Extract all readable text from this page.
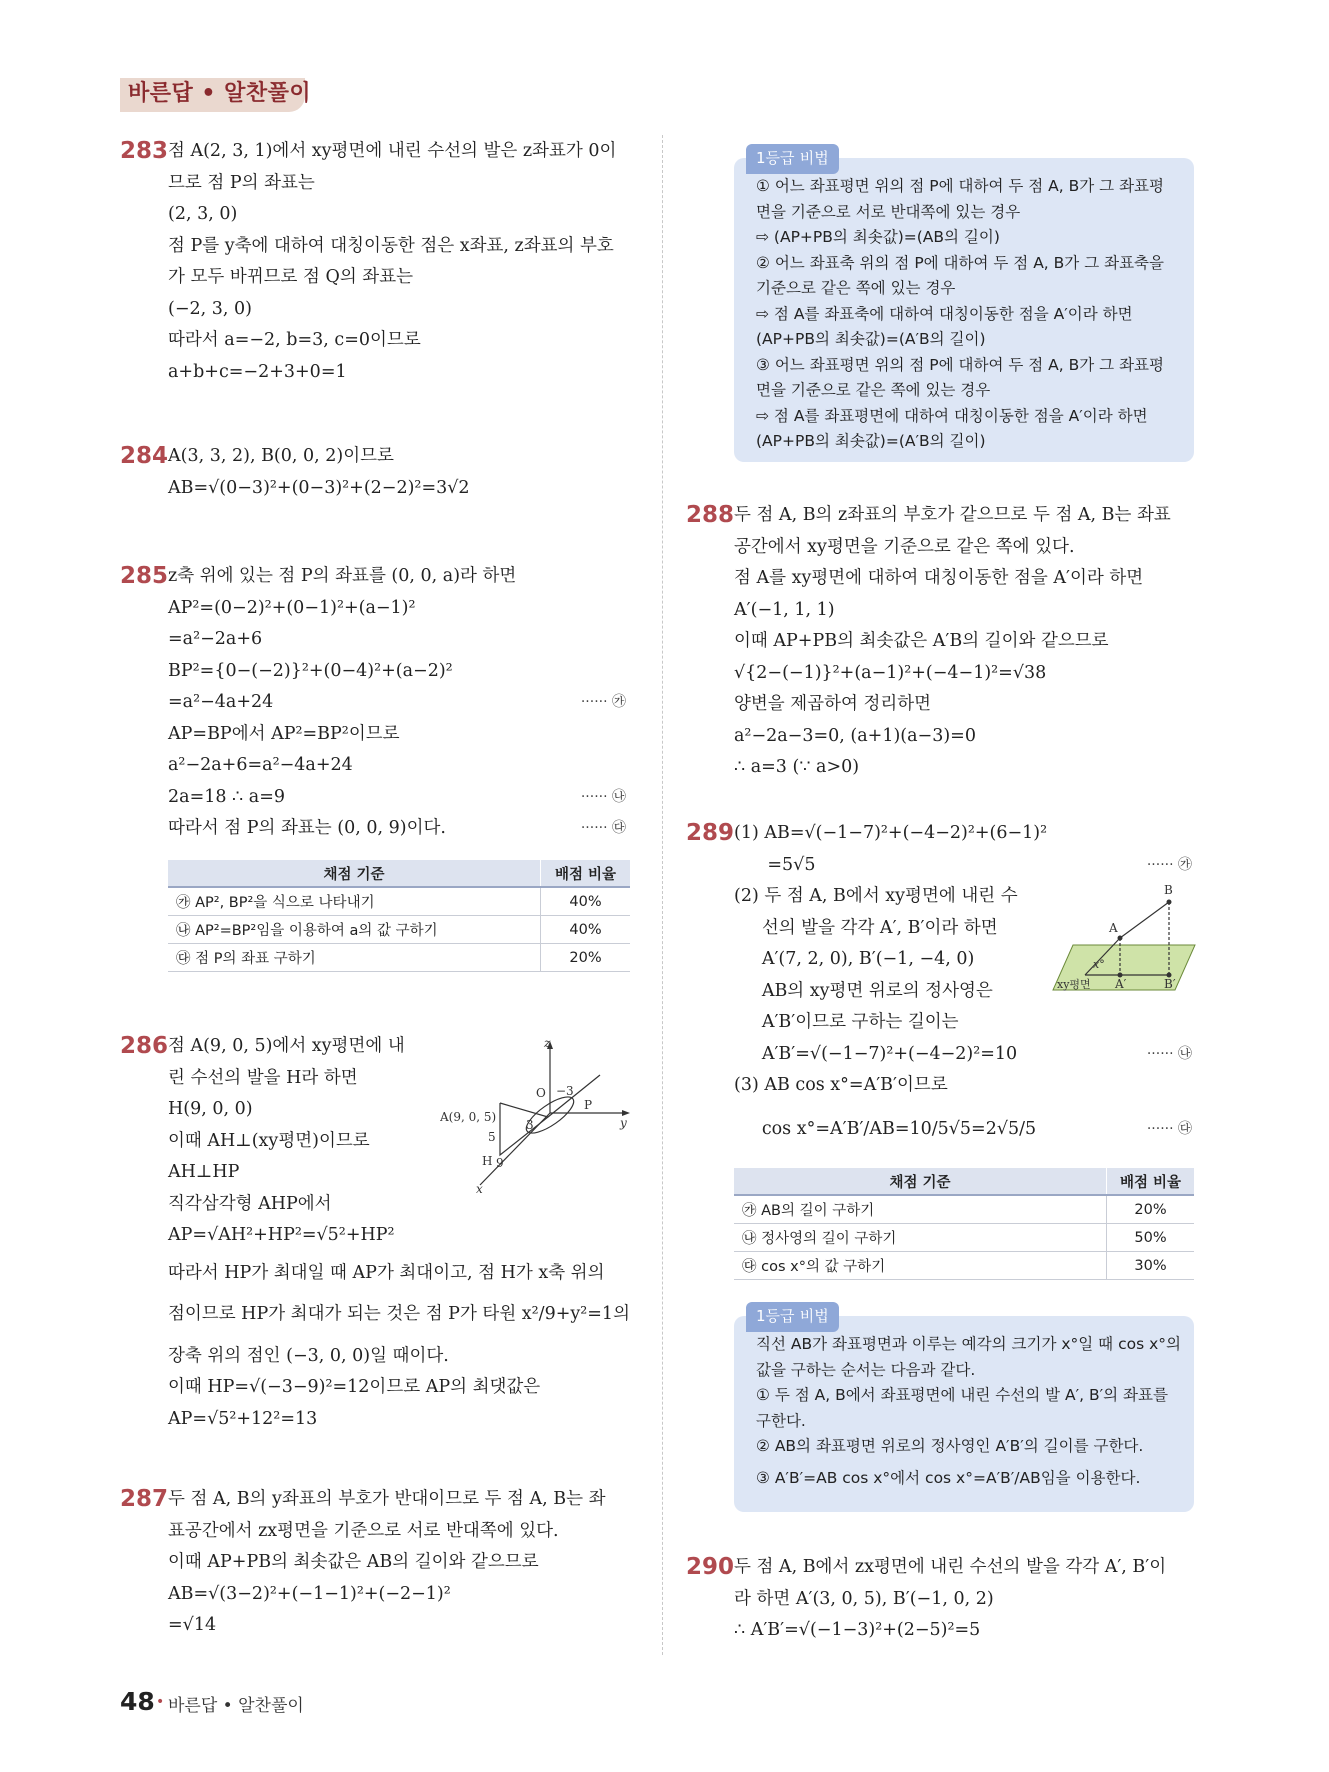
바른답 • 알찬풀이
283 점 A(2, 3, 1)에서 xy평면에 내린 수선의 발은 z좌표가 0이
므로 점 P의 좌표는
(2, 3, 0)
점 P를 y축에 대하여 대칭이동한 점은 x좌표, z좌표의 부호
가 모두 바뀌므로 점 Q의 좌표는
(−2, 3, 0)
따라서 a=−2, b=3, c=0이므로
a+b+c=−2+3+0=1
284 A(3, 3, 2), B(0, 0, 2)이므로
AB=√(0−3)²+(0−3)²+(2−2)²=3√2
285 z축 위에 있는 점 P의 좌표를 (0, 0, a)라 하면
AP²=(0−2)²+(0−1)²+(a−1)²
=a²−2a+6
BP²={0−(−2)}²+(0−4)²+(a−2)²
······ ㉮
=a²−4a+24
AP=BP에서 AP²=BP²이므로
a²−2a+6=a²−4a+24
······ ㉯
2a=18 ∴ a=9
······ ㉰
따라서 점 P의 좌표는 (0, 0, 9)이다.
채점 기준	배점 비율
㉮ AP², BP²을 식으로 나타내기	40%
㉯ AP²=BP²임을 이용하여 a의 값 구하기	40%
㉰ 점 P의 좌표 구하기	20%
286 점 A(9, 0, 5)에서 xy평면에 내
린 수선의 발을 H라 하면
H(9, 0, 0)
이때 AH⊥(xy평면)이므로
AH⊥HP
직각삼각형 AHP에서
AP=√AH²+HP²=√5²+HP²
따라서 HP가 최대일 때 AP가 최대이고, 점 H가 x축 위의
점이므로 HP가 최대가 되는 것은 점 P가 타원 x²/9+y²=1의
장축 위의 점인 (−3, 0, 0)일 때이다.
이때 HP=√(−3−9)²=12이므로 AP의 최댓값은
AP=√5²+12²=13
z
O −3
P
A(9, 0, 5)	y
3
5
H 9
x
287 두 점 A, B의 y좌표의 부호가 반대이므로 두 점 A, B는 좌
표공간에서 zx평면을 기준으로 서로 반대쪽에 있다.
이때 AP+PB의 최솟값은 AB의 길이와 같으므로
AB=√(3−2)²+(−1−1)²+(−2−1)²
=√14
1등급 비법
① 어느 좌표평면 위의 점 P에 대하여 두 점 A, B가 그 좌표평
면을 기준으로 서로 반대쪽에 있는 경우
⇨ (AP+PB의 최솟값)=(AB의 길이)
② 어느 좌표축 위의 점 P에 대하여 두 점 A, B가 그 좌표축을
기준으로 같은 쪽에 있는 경우
⇨ 점 A를 좌표축에 대하여 대칭이동한 점을 A′이라 하면
(AP+PB의 최솟값)=(A′B의 길이)
③ 어느 좌표평면 위의 점 P에 대하여 두 점 A, B가 그 좌표평
면을 기준으로 같은 쪽에 있는 경우
⇨ 점 A를 좌표평면에 대하여 대칭이동한 점을 A′이라 하면
(AP+PB의 최솟값)=(A′B의 길이)
288 두 점 A, B의 z좌표의 부호가 같으므로 두 점 A, B는 좌표
공간에서 xy평면을 기준으로 같은 쪽에 있다.
점 A를 xy평면에 대하여 대칭이동한 점을 A′이라 하면
A′(−1, 1, 1)
이때 AP+PB의 최솟값은 A′B의 길이와 같으므로
√{2−(−1)}²+(a−1)²+(−4−1)²=√38
양변을 제곱하여 정리하면
a²−2a−3=0, (a+1)(a−3)=0
∴ a=3 (∵ a>0)
289 (1) AB=√(−1−7)²+(−4−2)²+(6−1)²
······ ㉮
=5√5
(2) 두 점 A, B에서 xy평면에 내린 수
선의 발을 각각 A′, B′이라 하면
A′(7, 2, 0), B′(−1, −4, 0)
AB의 xy평면 위로의 정사영은
A′B′이므로 구하는 길이는
······ ㉯
A′B′=√(−1−7)²+(−4−2)²=10
(3) AB cos x°=A′B′이므로
······ ㉰
cos x°=A′B′/AB=10/5√5=2√5/5
B
A
x°
xy평면 A′	B′
채점 기준	배점 비율
㉮ AB의 길이 구하기	20%
㉯ 정사영의 길이 구하기	50%
㉰ cos x°의 값 구하기	30%
1등급 비법
직선 AB가 좌표평면과 이루는 예각의 크기가 x°일 때 cos x°의
값을 구하는 순서는 다음과 같다.
① 두 점 A, B에서 좌표평면에 내린 수선의 발 A′, B′의 좌표를
구한다.
② AB의 좌표평면 위로의 정사영인 A′B′의 길이를 구한다.
③ A′B′=AB cos x°에서 cos x°=A′B′/AB임을 이용한다.
290 두 점 A, B에서 zx평면에 내린 수선의 발을 각각 A′, B′이
라 하면 A′(3, 0, 5), B′(−1, 0, 2)
∴ A′B′=√(−1−3)²+(2−5)²=5
48 • 바른답 • 알찬풀이
